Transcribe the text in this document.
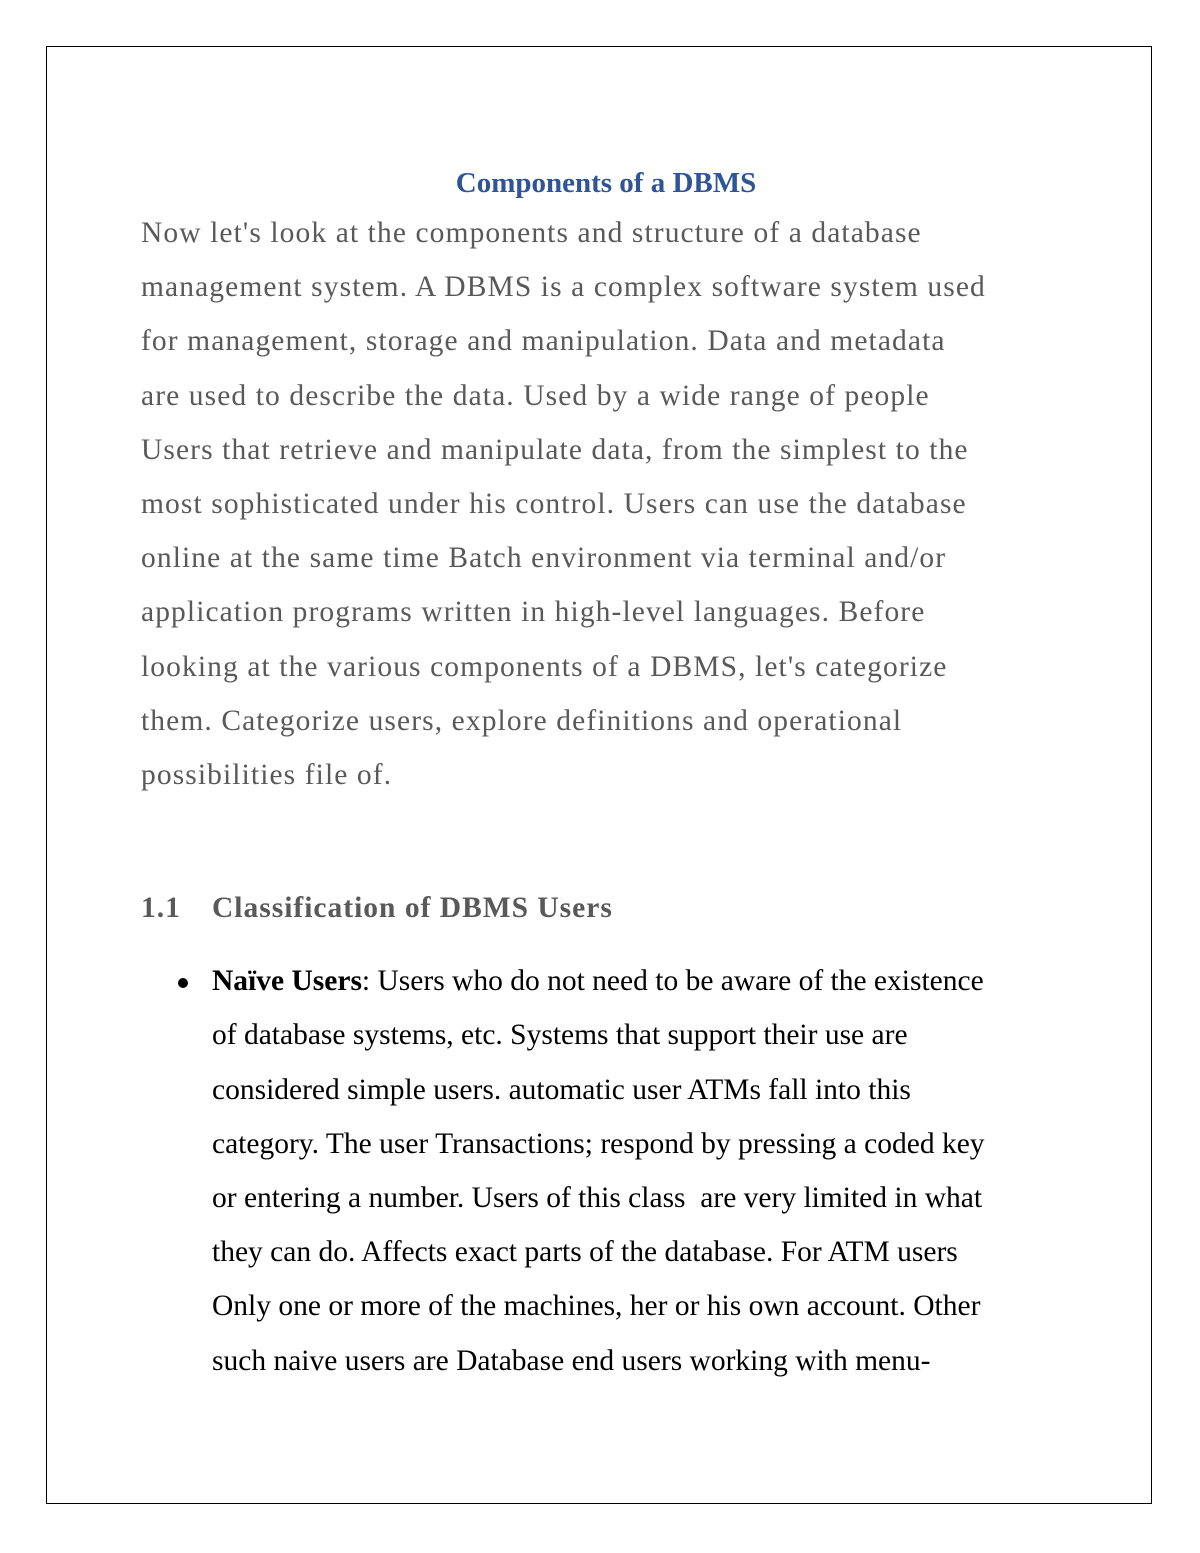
Components of a DBMS

Now let's look at the components and structure of a database
management system. A DBMS is a complex software system used
for management, storage and manipulation. Data and metadata
are used to describe the data. Used by a wide range of people
Users that retrieve and manipulate data, from the simplest to the
most sophisticated under his control. Users can use the database
online at the same time Batch environment via terminal and/or
application programs written in high-level languages. Before
looking at the various components of a DBMS, let's categorize
them. Categorize users, explore definitions and operational
possibilities file of.

1.1	Classification of DBMS Users
Naïve Users: Users who do not need to be aware of the existence
of database systems, etc. Systems that support their use are
considered simple users. automatic user ATMs fall into this
category. The user Transactions; respond by pressing a coded key
or entering a number. Users of this class  are very limited in what
they can do. Affects exact parts of the database. For ATM users
Only one or more of the machines, her or his own account. Other
such naive users are Database end users working with menu-
